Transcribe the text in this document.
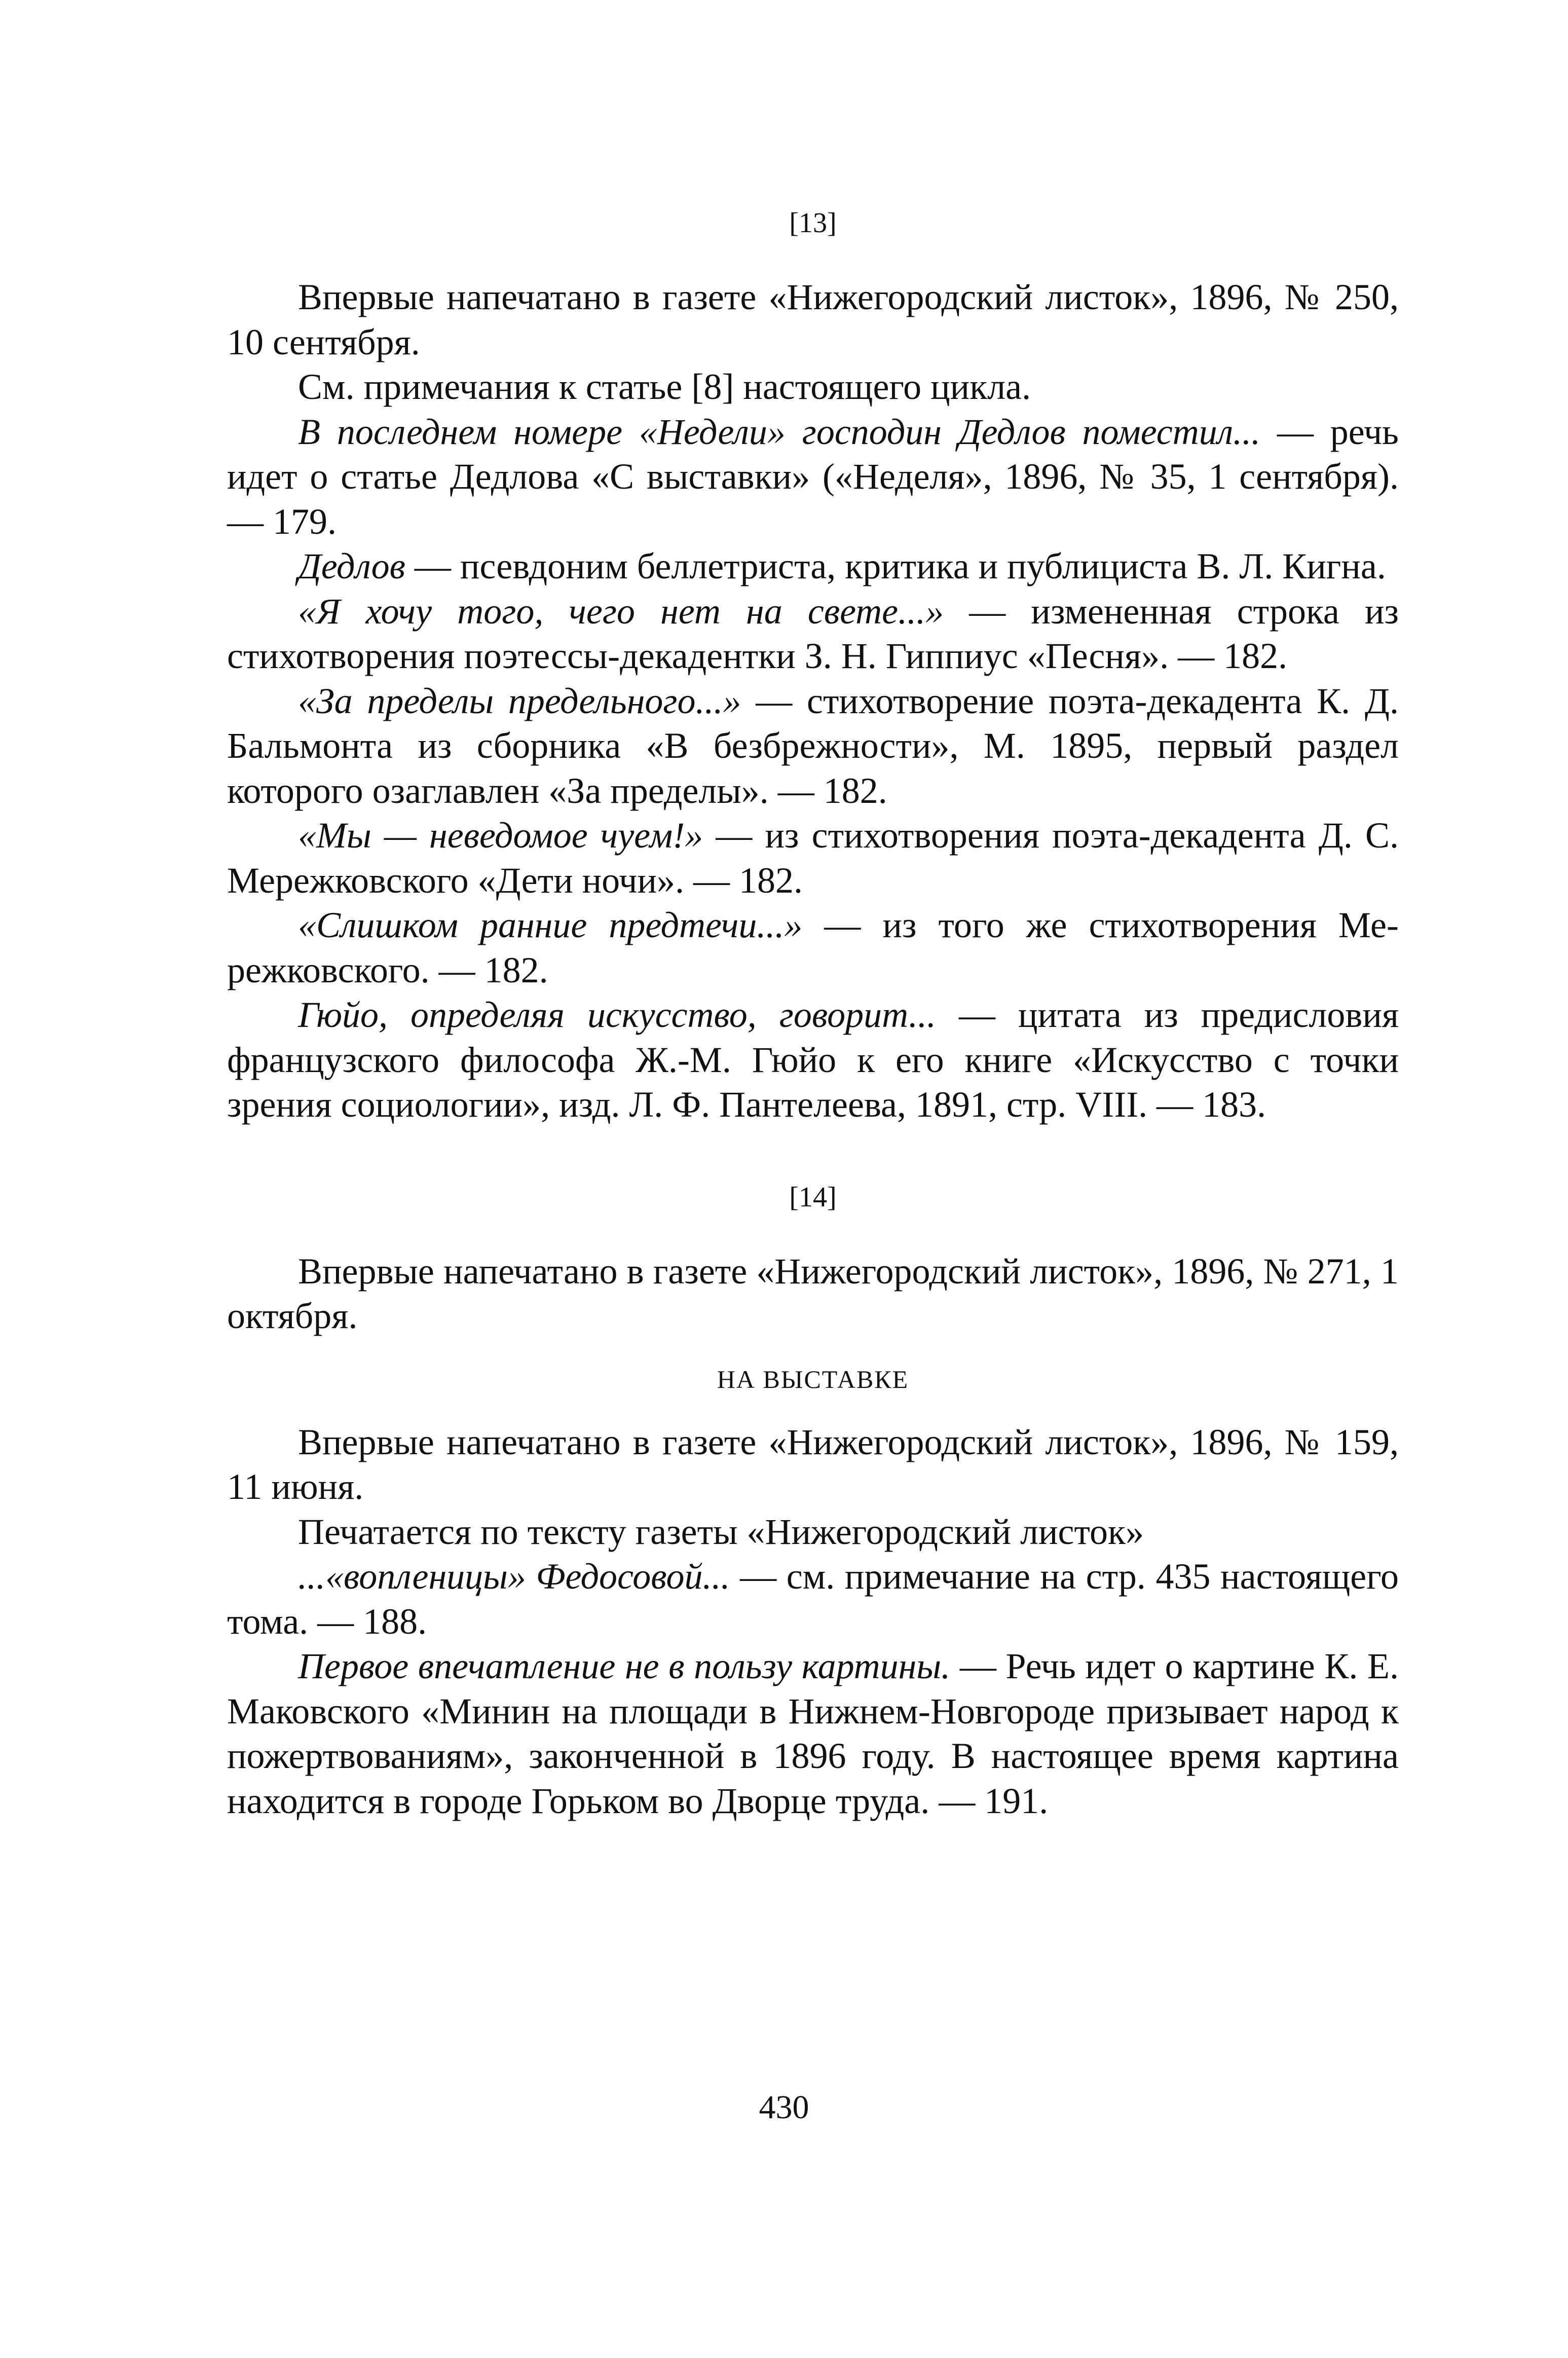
[13]

Впервые напечатано в газете «Нижегородский листок», 1896, № 250, 10 сентября.

См. примечания к статье [8] настоящего цикла.

В последнем номере «Недели» господин Дедлов поместил... — речь идет о статье Дедлова «С выставки» («Неделя», 1896, № 35, 1 сентября). — 179.

Дедлов — псевдоним беллетриста, критика и публициста В. Л. Кигна.

«Я хочу того, чего нет на свете...» — измененная строка из стихотворения поэтессы-декадентки З. Н. Гиппиус «Песня». — 182.

«За пределы предельного...» — стихотворение поэта-декадента К. Д. Бальмонта из сборника «В безбрежности», М. 1895, первый раздел которого озаглавлен «За пределы». — 182.

«Мы — неведомое чуем!» — из стихотворения поэта-декадента Д. С. Мережковского «Дети ночи». — 182.

«Слишком ранние предтечи...» — из того же стихотворения Мережковского. — 182.

Гюйо, определяя искусство, говорит... — цитата из предисловия французского философа Ж.-М. Гюйо к его книге «Искусство с точки зрения социологии», изд. Л. Ф. Пантелеева, 1891, стр. VIII. — 183.

[14]

Впервые напечатано в газете «Нижегородский листок», 1896, № 271, 1 октября.

НА ВЫСТАВКЕ

Впервые напечатано в газете «Нижегородский листок», 1896, № 159, 11 июня.

Печатается по тексту газеты «Нижегородский листок»

...«вопленицы» Федосовой... — см. примечание на стр. 435 настоящего тома. — 188.

Первое впечатление не в пользу картины. — Речь идет о картине К. Е. Маковского «Минин на площади в Нижнем-Новгороде призывает народ к пожертвованиям», законченной в 1896 году. В настоящее время картина находится в городе Горьком во Дворце труда. — 191.

430
